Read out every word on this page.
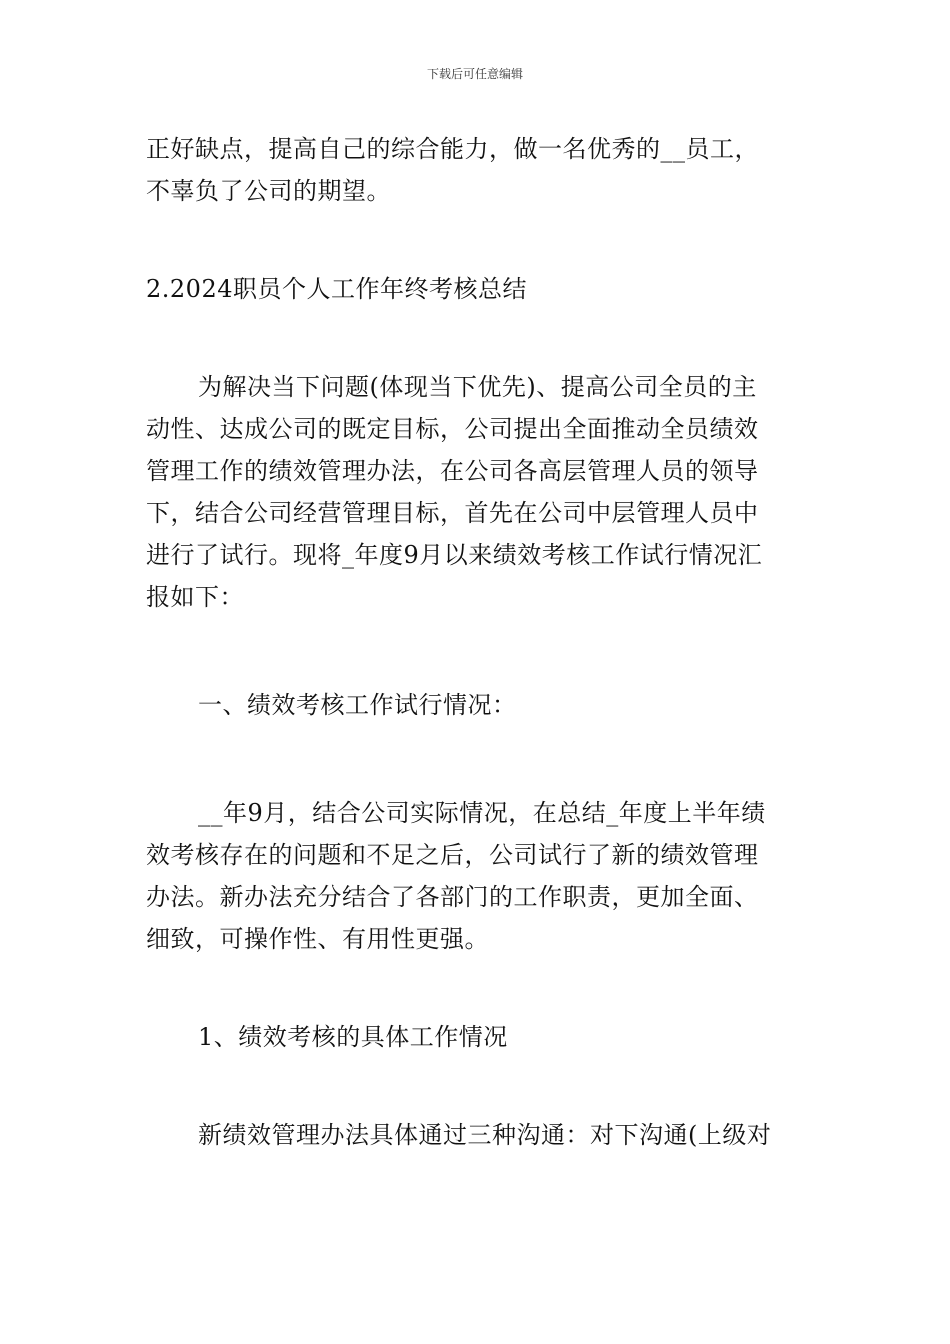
下载后可任意编辑

正好缺点，提高自己的综合能力，做一名优秀的__员工，
不辜负了公司的期望。

2.2024职员个人工作年终考核总结

为解决当下问题(体现当下优先)、提高公司全员的主
动性、达成公司的既定目标，公司提出全面推动全员绩效
管理工作的绩效管理办法，在公司各高层管理人员的领导
下，结合公司经营管理目标，首先在公司中层管理人员中
进行了试行。现将_年度9月以来绩效考核工作试行情况汇
报如下：

一、绩效考核工作试行情况：

__年9月，结合公司实际情况，在总结_年度上半年绩
效考核存在的问题和不足之后，公司试行了新的绩效管理
办法。新办法充分结合了各部门的工作职责，更加全面、
细致，可操作性、有用性更强。

1、绩效考核的具体工作情况

新绩效管理办法具体通过三种沟通：对下沟通(上级对
